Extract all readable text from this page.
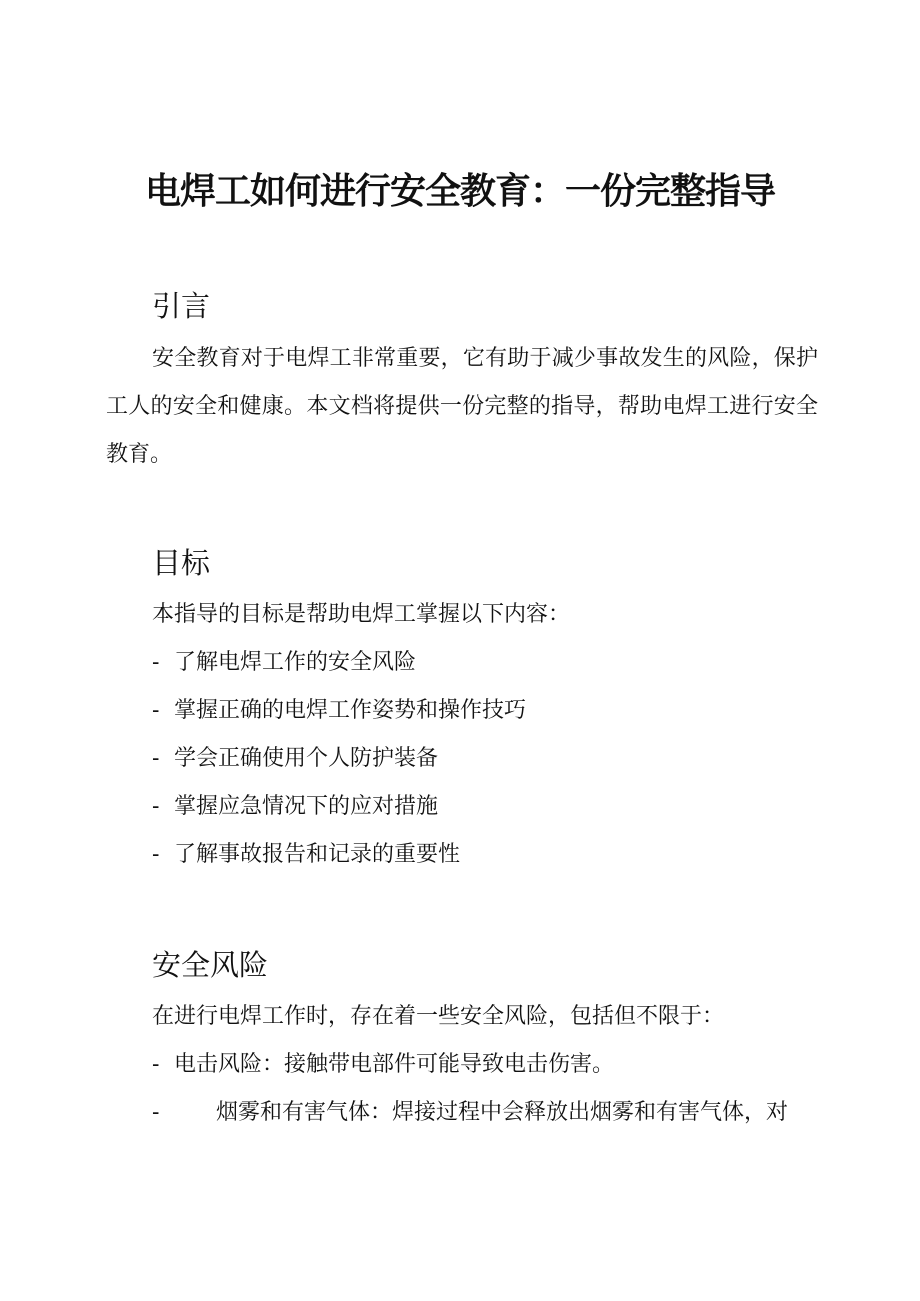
电焊工如何进行安全教育：一份完整指导
引言

安全教育对于电焊工非常重要，它有助于减少事故发生的风险，保护工人的安全和健康。本文档将提供一份完整的指导，帮助电焊工进行安全教育。

目标

本指导的目标是帮助电焊工掌握以下内容：

- 了解电焊工作的安全风险

- 掌握正确的电焊工作姿势和操作技巧

- 学会正确使用个人防护装备

- 掌握应急情况下的应对措施

- 了解事故报告和记录的重要性

安全风险

在进行电焊工作时，存在着一些安全风险，包括但不限于：

- 电击风险：接触带电部件可能导致电击伤害。

-	烟雾和有害气体：焊接过程中会释放出烟雾和有害气体，对
